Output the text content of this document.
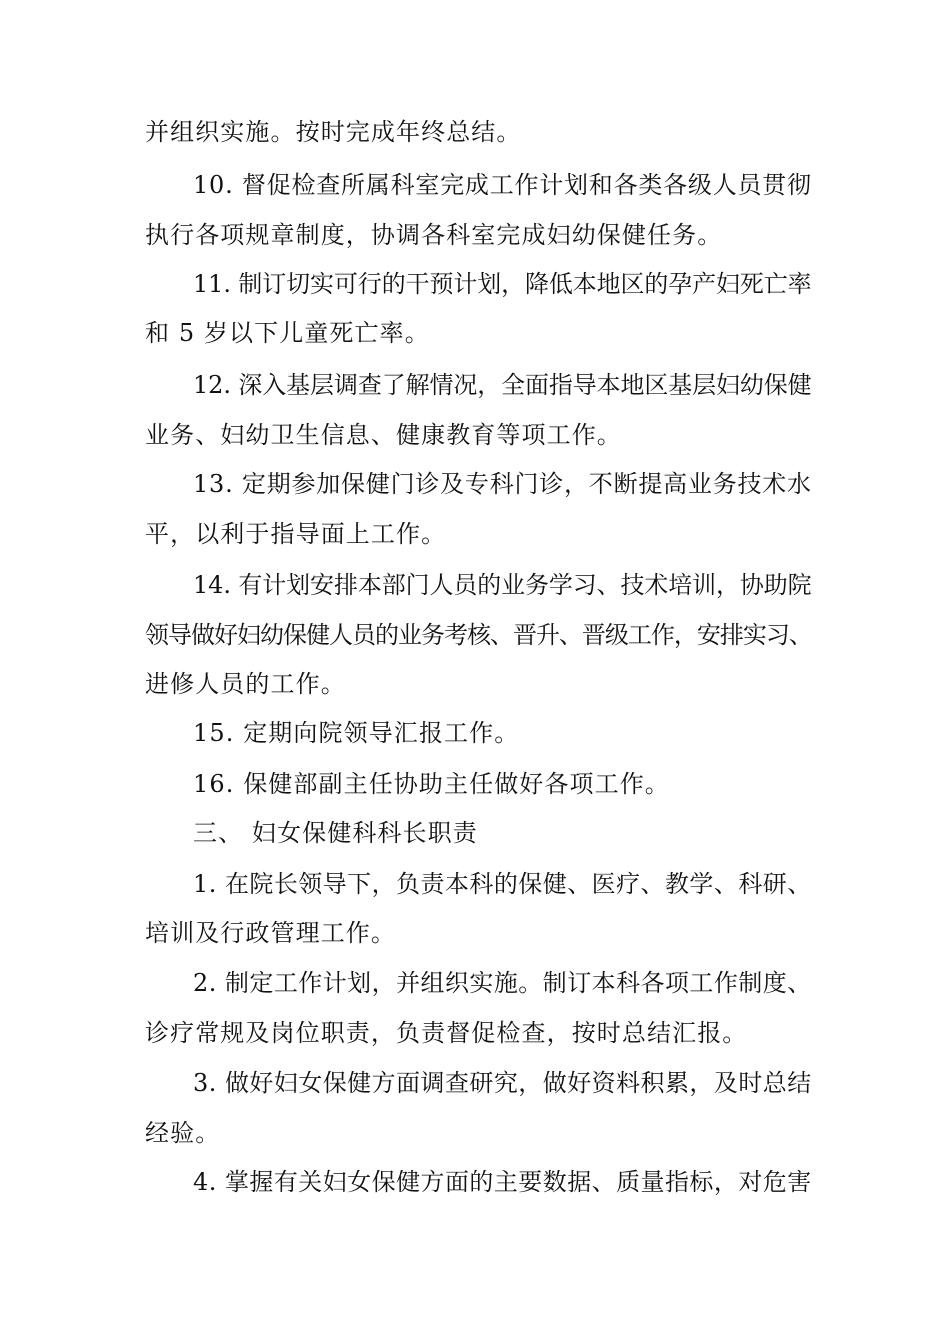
并组织实施。按时完成年终总结。
10. 督促检查所属科室完成工作计划和各类各级人员贯彻
执行各项规章制度，协调各科室完成妇幼保健任务。
11. 制订切实可行的干预计划，降低本地区的孕产妇死亡率
和 5 岁以下儿童死亡率。
12. 深入基层调查了解情况，全面指导本地区基层妇幼保健
业务、妇幼卫生信息、健康教育等项工作。
13. 定期参加保健门诊及专科门诊，不断提高业务技术水
平，以利于指导面上工作。
14. 有计划安排本部门人员的业务学习、技术培训，协助院
领导做好妇幼保健人员的业务考核、晋升、晋级工作，安排实习、
进修人员的工作。
15. 定期向院领导汇报工作。
16. 保健部副主任协助主任做好各项工作。
三、 妇女保健科科长职责
1. 在院长领导下，负责本科的保健、医疗、教学、科研、
培训及行政管理工作。
2. 制定工作计划，并组织实施。制订本科各项工作制度、
诊疗常规及岗位职责，负责督促检查，按时总结汇报。
3. 做好妇女保健方面调查研究，做好资料积累，及时总结
经验。
4. 掌握有关妇女保健方面的主要数据、质量指标，对危害
